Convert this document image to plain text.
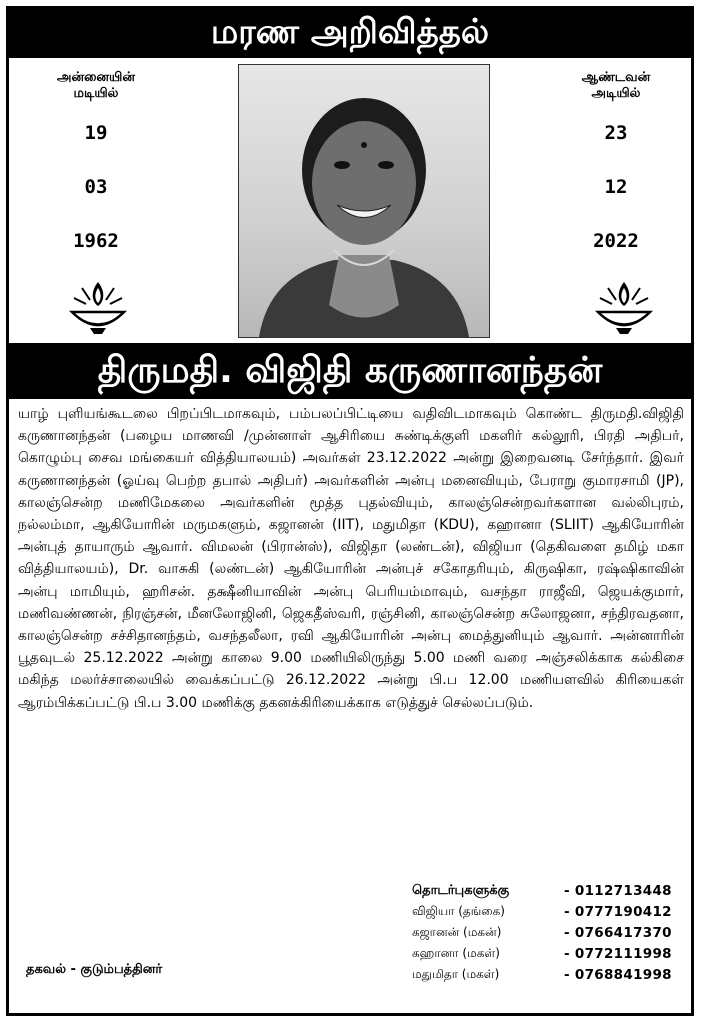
மரண அறிவித்தல்
அன்னையின்
மடியில்
19
03
1962
ஆண்டவன்
அடியில்
23
12
2022
திருமதி. விஜிதி கருணானந்தன்

யாழ் புளியங்கூடலை பிறப்பிடமாகவும், பம்பலப்பிட்டியை வதிவிடமாகவும் கொண்ட திருமதி.விஜிதி கருணானந்தன் (பழைய மாணவி /முன்னாள் ஆசிரியை சுண்டிக்குளி மகளிர் கல்லூரி, பிரதி அதிபர், கொழும்பு சைவ மங்கையர் வித்தியாலயம்) அவர்கள் 23.12.2022 அன்று இறைவனடி சேர்ந்தார். இவர் கருணானந்தன் (ஓய்வு பெற்ற தபால் அதிபர்) அவர்களின் அன்பு மனைவியும், பேராறு குமாரசாமி (JP), காலஞ்சென்ற மணிமேகலை அவர்களின் மூத்த புதல்வியும், காலஞ்சென்றவர்களான வல்லிபுரம், நல்லம்மா, ஆகியோரின் மருமகளும், கஜானன் (IIT), மதுமிதா (KDU), கஹானா (SLIIT) ஆகியோரின் அன்புத் தாயாரும் ஆவார். விமலன் (பிரான்ஸ்), விஜிதா (லண்டன்), விஜியா (தெகிவளை தமிழ் மகா வித்தியாலயம்), Dr. வாசுகி (லண்டன்) ஆகியோரின் அன்புச் சகோதரியும், கிருஷிகா, ரஷ்ஷிகாவின் அன்பு மாமியும், ஹரிசன். தக்ஷீனியாவின் அன்பு பெரியம்மாவும், வசந்தா ராஜீவி, ஜெயக்குமார், மணிவண்ணன், நிரஞ்சன், மீனலோஜினி, ஜெகதீஸ்வரி, ரஞ்சினி, காலஞ்சென்ற சுலோஜனா, சந்திரவதனா, காலஞ்சென்ற சச்சிதானந்தம், வசந்தலீலா, ரவி ஆகியோரின் அன்பு மைத்துனியும் ஆவார். அன்னாரின் பூதவுடல் 25.12.2022 அன்று காலை 9.00 மணியிலிருந்து 5.00 மணி வரை அஞ்சலிக்காக கல்கிசை மகிந்த மலர்ச்சாலையில் வைக்கப்பட்டு 26.12.2022 அன்று பி.ப 12.00 மணியளவில் கிரியைகள் ஆரம்பிக்கப்பட்டு பி.ப 3.00 மணிக்கு தகனக்கிரியைக்காக எடுத்துச் செல்லப்படும்.

தொடர்புகளுக்கு	- 0112713448
விஜியா (தங்கை)	- 0777190412
கஜானன் (மகன்)	- 0766417370
கஹானா (மகள்)	- 0772111998
மதுமிதா (மகள்)	- 0768841998
தகவல் - குடும்பத்தினர்
